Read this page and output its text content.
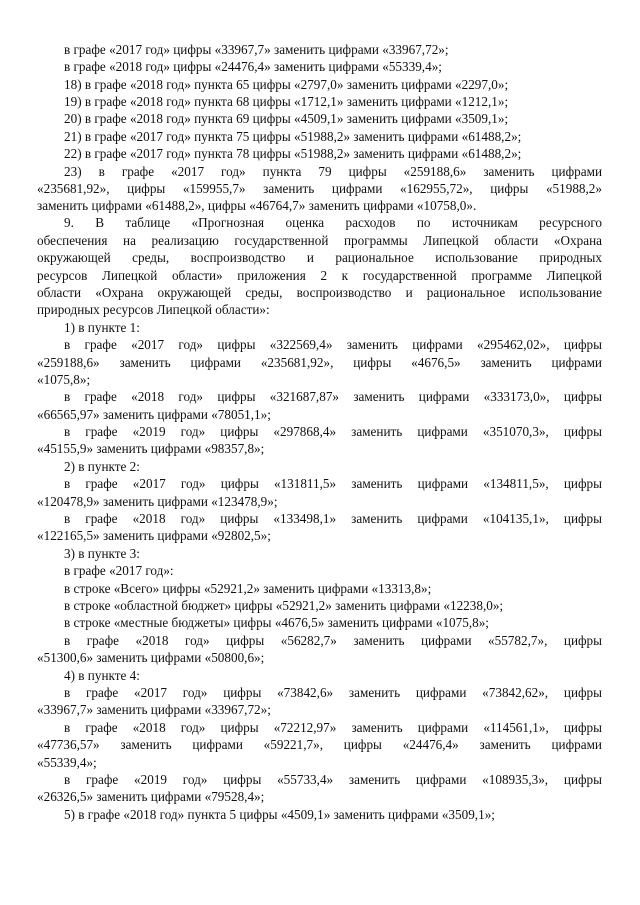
в графе «2017 год» цифры «33967,7» заменить цифрами «33967,72»;
в графе «2018 год» цифры «24476,4» заменить цифрами «55339,4»;
18) в графе «2018 год» пункта 65 цифры «2797,0» заменить цифрами «2297,0»;
19) в графе «2018 год» пункта 68 цифры «1712,1» заменить цифрами «1212,1»;
20) в графе «2018 год» пункта 69 цифры «4509,1» заменить цифрами «3509,1»;
21) в графе «2017 год» пункта 75 цифры «51988,2» заменить цифрами «61488,2»;
22) в графе «2017 год» пункта 78 цифры «51988,2» заменить цифрами «61488,2»;
23) в графе «2017 год» пункта 79 цифры «259188,6» заменить цифрами
«235681,92», цифры «159955,7» заменить цифрами «162955,72», цифры «51988,2»
заменить цифрами «61488,2», цифры «46764,7» заменить цифрами «10758,0».
9. В таблице «Прогнозная оценка расходов по источникам ресурсного
обеспечения на реализацию государственной программы Липецкой области «Охрана
окружающей среды, воспроизводство и рациональное использование природных
ресурсов Липецкой области» приложения 2 к государственной программе Липецкой
области «Охрана окружающей среды, воспроизводство и рациональное использование
природных ресурсов Липецкой области»:
1) в пункте 1:
в графе «2017 год» цифры «322569,4» заменить цифрами «295462,02», цифры
«259188,6» заменить цифрами «235681,92», цифры «4676,5» заменить цифрами
«1075,8»;
в графе «2018 год» цифры «321687,87» заменить цифрами «333173,0», цифры
«66565,97» заменить цифрами «78051,1»;
в графе «2019 год» цифры «297868,4» заменить цифрами «351070,3», цифры
«45155,9» заменить цифрами «98357,8»;
2) в пункте 2:
в графе «2017 год» цифры «131811,5» заменить цифрами «134811,5», цифры
«120478,9» заменить цифрами «123478,9»;
в графе «2018 год» цифры «133498,1» заменить цифрами «104135,1», цифры
«122165,5» заменить цифрами «92802,5»;
3) в пункте 3:
в графе «2017 год»:
в строке «Всего» цифры «52921,2» заменить цифрами «13313,8»;
в строке «областной бюджет» цифры «52921,2» заменить цифрами «12238,0»;
в строке «местные бюджеты» цифры «4676,5» заменить цифрами «1075,8»;
в графе «2018 год» цифры «56282,7» заменить цифрами «55782,7», цифры
«51300,6» заменить цифрами «50800,6»;
4) в пункте 4:
в графе «2017 год» цифры «73842,6» заменить цифрами «73842,62», цифры
«33967,7» заменить цифрами «33967,72»;
в графе «2018 год» цифры «72212,97» заменить цифрами «114561,1», цифры
«47736,57» заменить цифрами «59221,7», цифры «24476,4» заменить цифрами
«55339,4»;
в графе «2019 год» цифры «55733,4» заменить цифрами «108935,3», цифры
«26326,5» заменить цифрами «79528,4»;
5) в графе «2018 год» пункта 5 цифры «4509,1» заменить цифрами «3509,1»;
